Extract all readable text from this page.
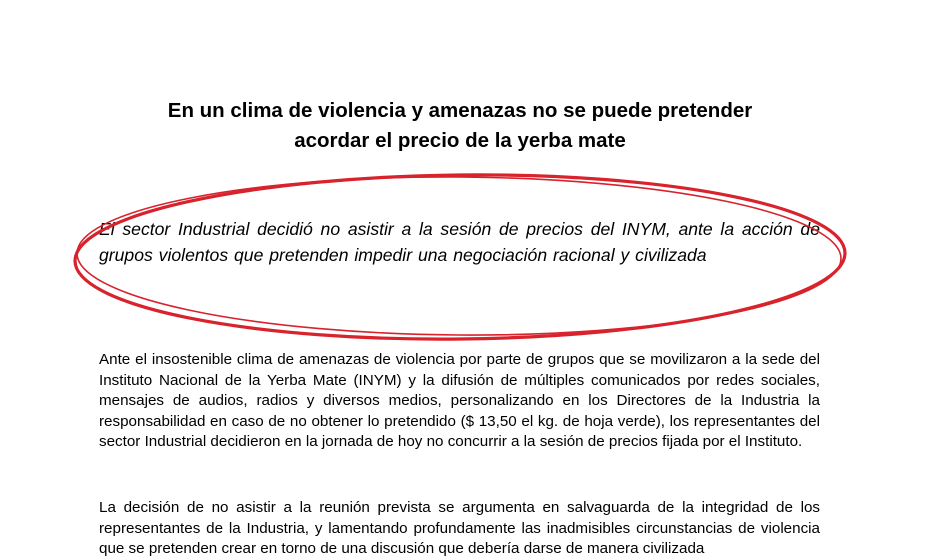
En un clima de violencia y amenazas no se puede pretender
acordar el precio de la yerba mate

El sector Industrial decidió no asistir a la sesión de precios del INYM, ante la acción de grupos violentos que pretenden impedir una negociación racional y civilizada

Ante el insostenible clima de amenazas de violencia por parte de grupos que se movilizaron a la sede del Instituto Nacional de la Yerba Mate (INYM) y la difusión de múltiples comunicados por redes sociales, mensajes de audios, radios y diversos medios, personalizando en los Directores de la Industria la responsabilidad en caso de no obtener lo pretendido ($ 13,50 el kg. de hoja verde), los representantes del sector Industrial decidieron en la jornada de hoy no concurrir a la sesión de precios fijada por el Instituto.

La decisión de no asistir a la reunión prevista se argumenta en salvaguarda de la integridad de los representantes de la Industria, y lamentando profundamente las inadmisibles circunstancias de violencia que se pretenden crear en torno de una discusión que debería darse de manera civilizada
